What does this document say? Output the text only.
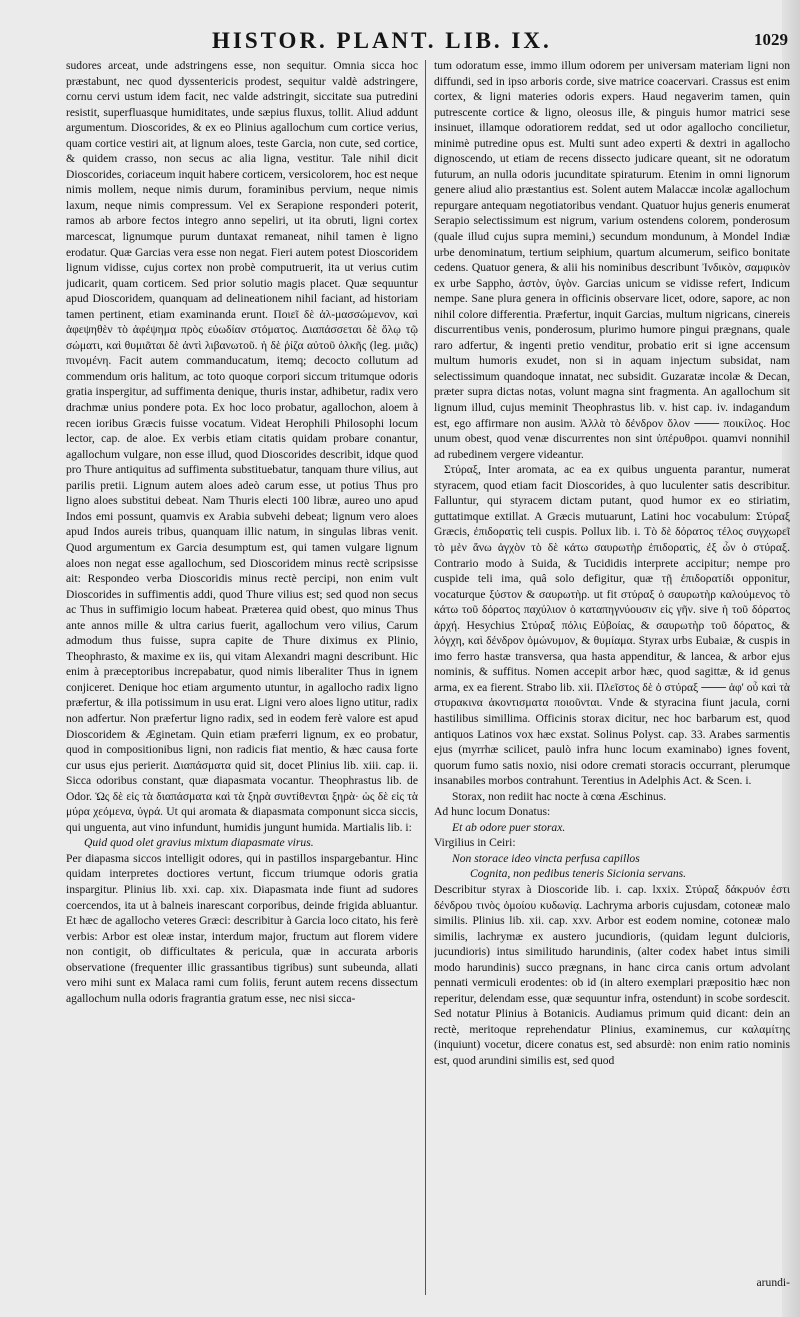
HISTOR. PLANT. LIB. IX.	1029

sudores arceat, unde adstringens esse, non sequitur. Omnia sicca hoc præstabunt, nec quod dyssentericis prodest, sequitur valdè adstringere, cornu cervi ustum idem facit, nec valde adstringit, siccitate sua putredini resistit, superfluasque humiditates, unde sæpius fluxus, tollit. Aliud addunt argumentum. Dioscorides, & ex eo Plinius agallochum cum cortice verius, quam cortice vestiri ait, at lignum aloes, teste Garcia, non cute, sed cortice, & quidem crasso, non secus ac alia ligna, vestitur. Tale nihil dicit Dioscorides, coriaceum inquit habere corticem, versicolorem, hoc est neque nimis mollem, neque nimis durum, foraminibus pervium, neque nimis laxum, neque nimis compressum. Vel ex Serapione responderi poterit, ramos ab arbore fectos integro anno sepeliri, ut ita obruti, ligni cortex marcescat, lignumque purum duntaxat remaneat, nihil tamen è ligno erodatur. Quæ Garcias vera esse non negat. Fieri autem potest Dioscoridem lignum vidisse, cujus cortex non probè computruerit, ita ut verius cutim judicarit, quam corticem. Sed prior solutio magis placet. Quæ sequuntur apud Dioscoridem, quanquam ad delineationem nihil faciant, ad historiam tamen pertinent, etiam examinanda erunt. Ποιεῖ δὲ ἀλ-μασσώμενον, καὶ ἀφεψηθὲν τὸ ἀφέψημα πρὸς εὐωδίαν στόματος. Διαπάσσεται δὲ ὅλῳ τῷ σώματι, καὶ θυμιᾶται δὲ ἀντὶ λιβανωτοῦ. ἡ δὲ ῥίζα αὐτοῦ ὁλκῆς (leg. μιᾶς) πινομένη. Facit autem commanducatum, itemq; decocto collutum ad commendum oris halitum, ac toto quoque corpori siccum tritumque odoris gratia inspergitur, ad suffimenta denique, thuris instar, adhibetur, radix vero drachmæ unius pondere pota. Ex hoc loco probatur, agallochon, aloem à recen ioribus Græcis fuisse vocatum. Videat Herophili Philosophi locum lector, cap. de aloe. Ex verbis etiam citatis quidam probare conantur, agallochum vulgare, non esse illud, quod Dioscorides describit, idque quod pro Thure antiquitus ad suffimenta substituebatur, tanquam thure vilius, aut parilis pretii. Lignum autem aloes adeò carum esse, ut potius Thus pro ligno aloes substitui debeat. Nam Thuris electi 100 libræ, aureo uno apud Indos emi possunt, quamvis ex Arabia subvehi debeat; lignum vero aloes apud Indos aureis tribus, quanquam illic natum, in singulas libras venit. Quod argumentum ex Garcia desumptum est, qui tamen vulgare lignum aloes non negat esse agallochum, sed Dioscoridem minus rectè scripsisse ait: Respondeo verba Dioscoridis minus rectè percipi, non enim vult Dioscorides in suffimentis addi, quod Thure vilius est; sed quod non secus ac Thus in suffimigio locum habeat. Præterea quid obest, quo minus Thus ante annos mille & ultra carius fuerit, agallochum vero vilius, Carum admodum thus fuisse, supra capite de Thure diximus ex Plinio, Theophrasto, & maxime ex iis, qui vitam Alexandri magni describunt. Hic enim à præceptoribus increpabatur, quod nimis liberaliter Thus in ignem conjiceret. Denique hoc etiam argumento utuntur, in agallocho radix ligno præfertur, & illa potissimum in usu erat. Ligni vero aloes ligno utitur, radix non adfertur. Non præfertur ligno radix, sed in eodem ferè valore est apud Dioscoridem & Æginetam. Quin etiam præferri lignum, ex eo probatur, quod in compositionibus ligni, non radicis fiat mentio, & hæc causa forte cur usus ejus perierit. Διαπάσματα quid sit, docet Plinius lib. xiii. cap. ii. Sicca odoribus constant, quæ diapasmata vocantur. Theophrastus lib. de Odor. Ὡς δὲ εἰς τὰ διαπάσματα καὶ τὰ ξηρὰ συντίθενται ξηρὰ· ὡς δὲ εἰς τὰ μύρα χεόμενα, ὑγρά. Ut qui aromata & diapasmata componunt sicca siccis, qui unguenta, aut vino infundunt, humidis jungunt humida. Martialis lib. i:

Quid quod olet gravius mixtum diapasmate virus.

Per diapasma siccos intelligit odores, qui in pastillos inspargebantur. Hinc quidam interpretes doctiores vertunt, ficcum triumque odoris gratia inspargitur. Plinius lib. xxi. cap. xix. Diapasmata inde fiunt ad sudores coercendos, ita ut à balneis inarescant corporibus, deinde frigida abluantur. Et hæc de agallocho veteres Græci: describitur à Garcia loco citato, his ferè verbis: Arbor est oleæ instar, interdum major, fructum aut florem videre non contigit, ob difficultates & pericula, quæ in accurata arboris observatione (frequenter illic grassantibus tigribus) sunt subeunda, allati vero mihi sunt ex Malaca rami cum foliis, ferunt autem recens dissectum agallochum nulla odoris fragrantia gratum esse, nec nisi sicca-

tum odoratum esse, immo illum odorem per universam materiam ligni non diffundi, sed in ipso arboris corde, sive matrice coacervari. Crassus est enim cortex, & ligni materies odoris expers. Haud negaverim tamen, quin putrescente cortice & ligno, oleosus ille, & pinguis humor matrici sese insinuet, illamque odoratiorem reddat, sed ut odor agallocho concilietur, minimè putredine opus est. Multi sunt adeo experti & dextri in agallocho dignoscendo, ut etiam de recens dissecto judicare queant, sit ne odoratum futurum, an nulla odoris jucunditate spiraturum. Etenim in omni lignorum genere aliud alio præstantius est. Solent autem Malaccæ incolæ agallochum repurgare antequam negotiatoribus vendant. Quatuor hujus generis enumerat Serapio selectissimum est nigrum, varium ostendens colorem, ponderosum (quale illud cujus supra memini,) secundum mondunum, à Mondel Indiæ urbe denominatum, tertium seiphium, quartum alcumerum, seifico bonitate cedens. Quatuor genera, & alii his nominibus describunt Ἰνδικὸν, σαμφικὸν ex urbe Sappho, ἀστὸν, ὑγὸν. Garcias unicum se vidisse refert, Indicum nempe. Sane plura genera in officinis observare licet, odore, sapore, ac non nihil colore differentia. Præfertur, inquit Garcias, multum nigricans, cinereis discurrentibus venis, ponderosum, plurimo humore pingui prægnans, quale raro adfertur, & ingenti pretio venditur, probatio erit si igne accensum multum humoris exudet, non si in aquam injectum subsidat, nam selectissimum quandoque innatat, nec subsidit. Guzaratæ incolæ & Decan, præter supra dictas notas, volunt magna sint fragmenta. An agallochum sit lignum illud, cujus meminit Theophrastus lib. v. hist cap. iv. indagandum est, ego affirmare non ausim. Ἀλλὰ τὸ δένδρον ὅλον ─── ποικίλος. Hoc unum obest, quod venæ discurrentes non sint ὑπέρυθροι. quamvi nonnihil ad rubedinem vergere videantur.

Στύραξ, Inter aromata, ac ea ex quibus unguenta parantur, numerat styracem, quod etiam facit Dioscorides, à quo luculenter satis describitur. Falluntur, qui styracem dictam putant, quod humor ex eo stiriatim, guttatimque extillat. A Græcis mutuarunt, Latini hoc vocabulum: Στύραξ Græcis, ἐπιδορατὶς teli cuspis. Pollux lib. i. Τὸ δὲ δόρατος τέλος συγχωρεῖ τὸ μὲν ἄνω ἀγχὸν τὸ δὲ κάτω σαυρωτὴρ ἐπιδορατὶς, ἐξ ὧν ὁ στύραξ. Contrario modo à Suida, & Tucididis interprete accipitur; nempe pro cuspide teli ima, quâ solo defigitur, quæ τῇ ἐπιδορατίδι opponitur, vocaturque ξύστον & σαυρωτὴρ. ut fit στύραξ ὁ σαυρωτὴρ καλούμενος τὸ κάτω τοῦ δόρατος παχύλιον ὁ καταπηγνύουσιν εἰς γῆν. sive ἡ τοῦ δόρατος ἀρχή. Hesychius Στύραξ πόλις Εὐβοίας, & σαυρωτὴρ τοῦ δόρατος, & λόγχη, καὶ δένδρον ὁμώνυμον, & θυμίαμα. Styrax urbs Eubaiæ, & cuspis in imo ferro hastæ transversa, qua hasta appenditur, & lancea, & arbor ejus nominis, & suffitus. Nomen accepit arbor hæc, quod sagittæ, & id genus arma, ex ea fierent. Strabo lib. xii. Πλεῖστος δὲ ὁ στύραξ ─── ἀφ' οὗ καὶ τὰ στυρακινα ἀκοντισματα ποιοῦνται. Vnde & styracina fiunt jacula, corni hastilibus simillima. Officinis storax dicitur, nec hoc barbarum est, quod antiquos Latinos vox hæc exstat. Solinus Polyst. cap. 33. Arabes sarmentis ejus (myrrhæ scilicet, paulò infra hunc locum examinabo) ignes fovent, quorum fumo satis noxio, nisi odore cremati storacis occurrant, plerumque insanabiles morbos contrahunt. Terentius in Adelphis Act. & Scen. i.

Storax, non rediit hac nocte à cœna Æschinus.

Ad hunc locum Donatus:

Et ab odore puer storax.

Virgilius in Ceiri:

Non storace ideo vincta perfusa capillos

Cognita, non pedibus teneris Sicionia servans.

Describitur styrax à Dioscoride lib. i. cap. lxxix. Στύραξ δάκρυόν ἐστι δένδρου τινὸς ὁμοίου κυδωνίᾳ. Lachryma arboris cujusdam, cotoneæ malo similis. Plinius lib. xii. cap. xxv. Arbor est eodem nomine, cotoneæ malo similis, lachrymæ ex austero jucundioris, (quidam legunt dulcioris, jucundioris) intus similitudo harundinis, (alter codex habet intus simili modo harundinis) succo prægnans, in hanc circa canis ortum advolant pennati vermiculi erodentes: ob id (in altero exemplari præpositio hæc non reperitur, delendam esse, quæ sequuntur infra, ostendunt) in scobe sordescit. Sed notatur Plinius à Botanicis. Audiamus primum quid dicant: dein an rectè, meritoque reprehendatur Plinius, examinemus, cur καλαμίτης (inquiunt) vocetur, dicere conatus est, sed absurdè: non enim ratio nominis est, quod arundini similis est, sed quod

arundi-
